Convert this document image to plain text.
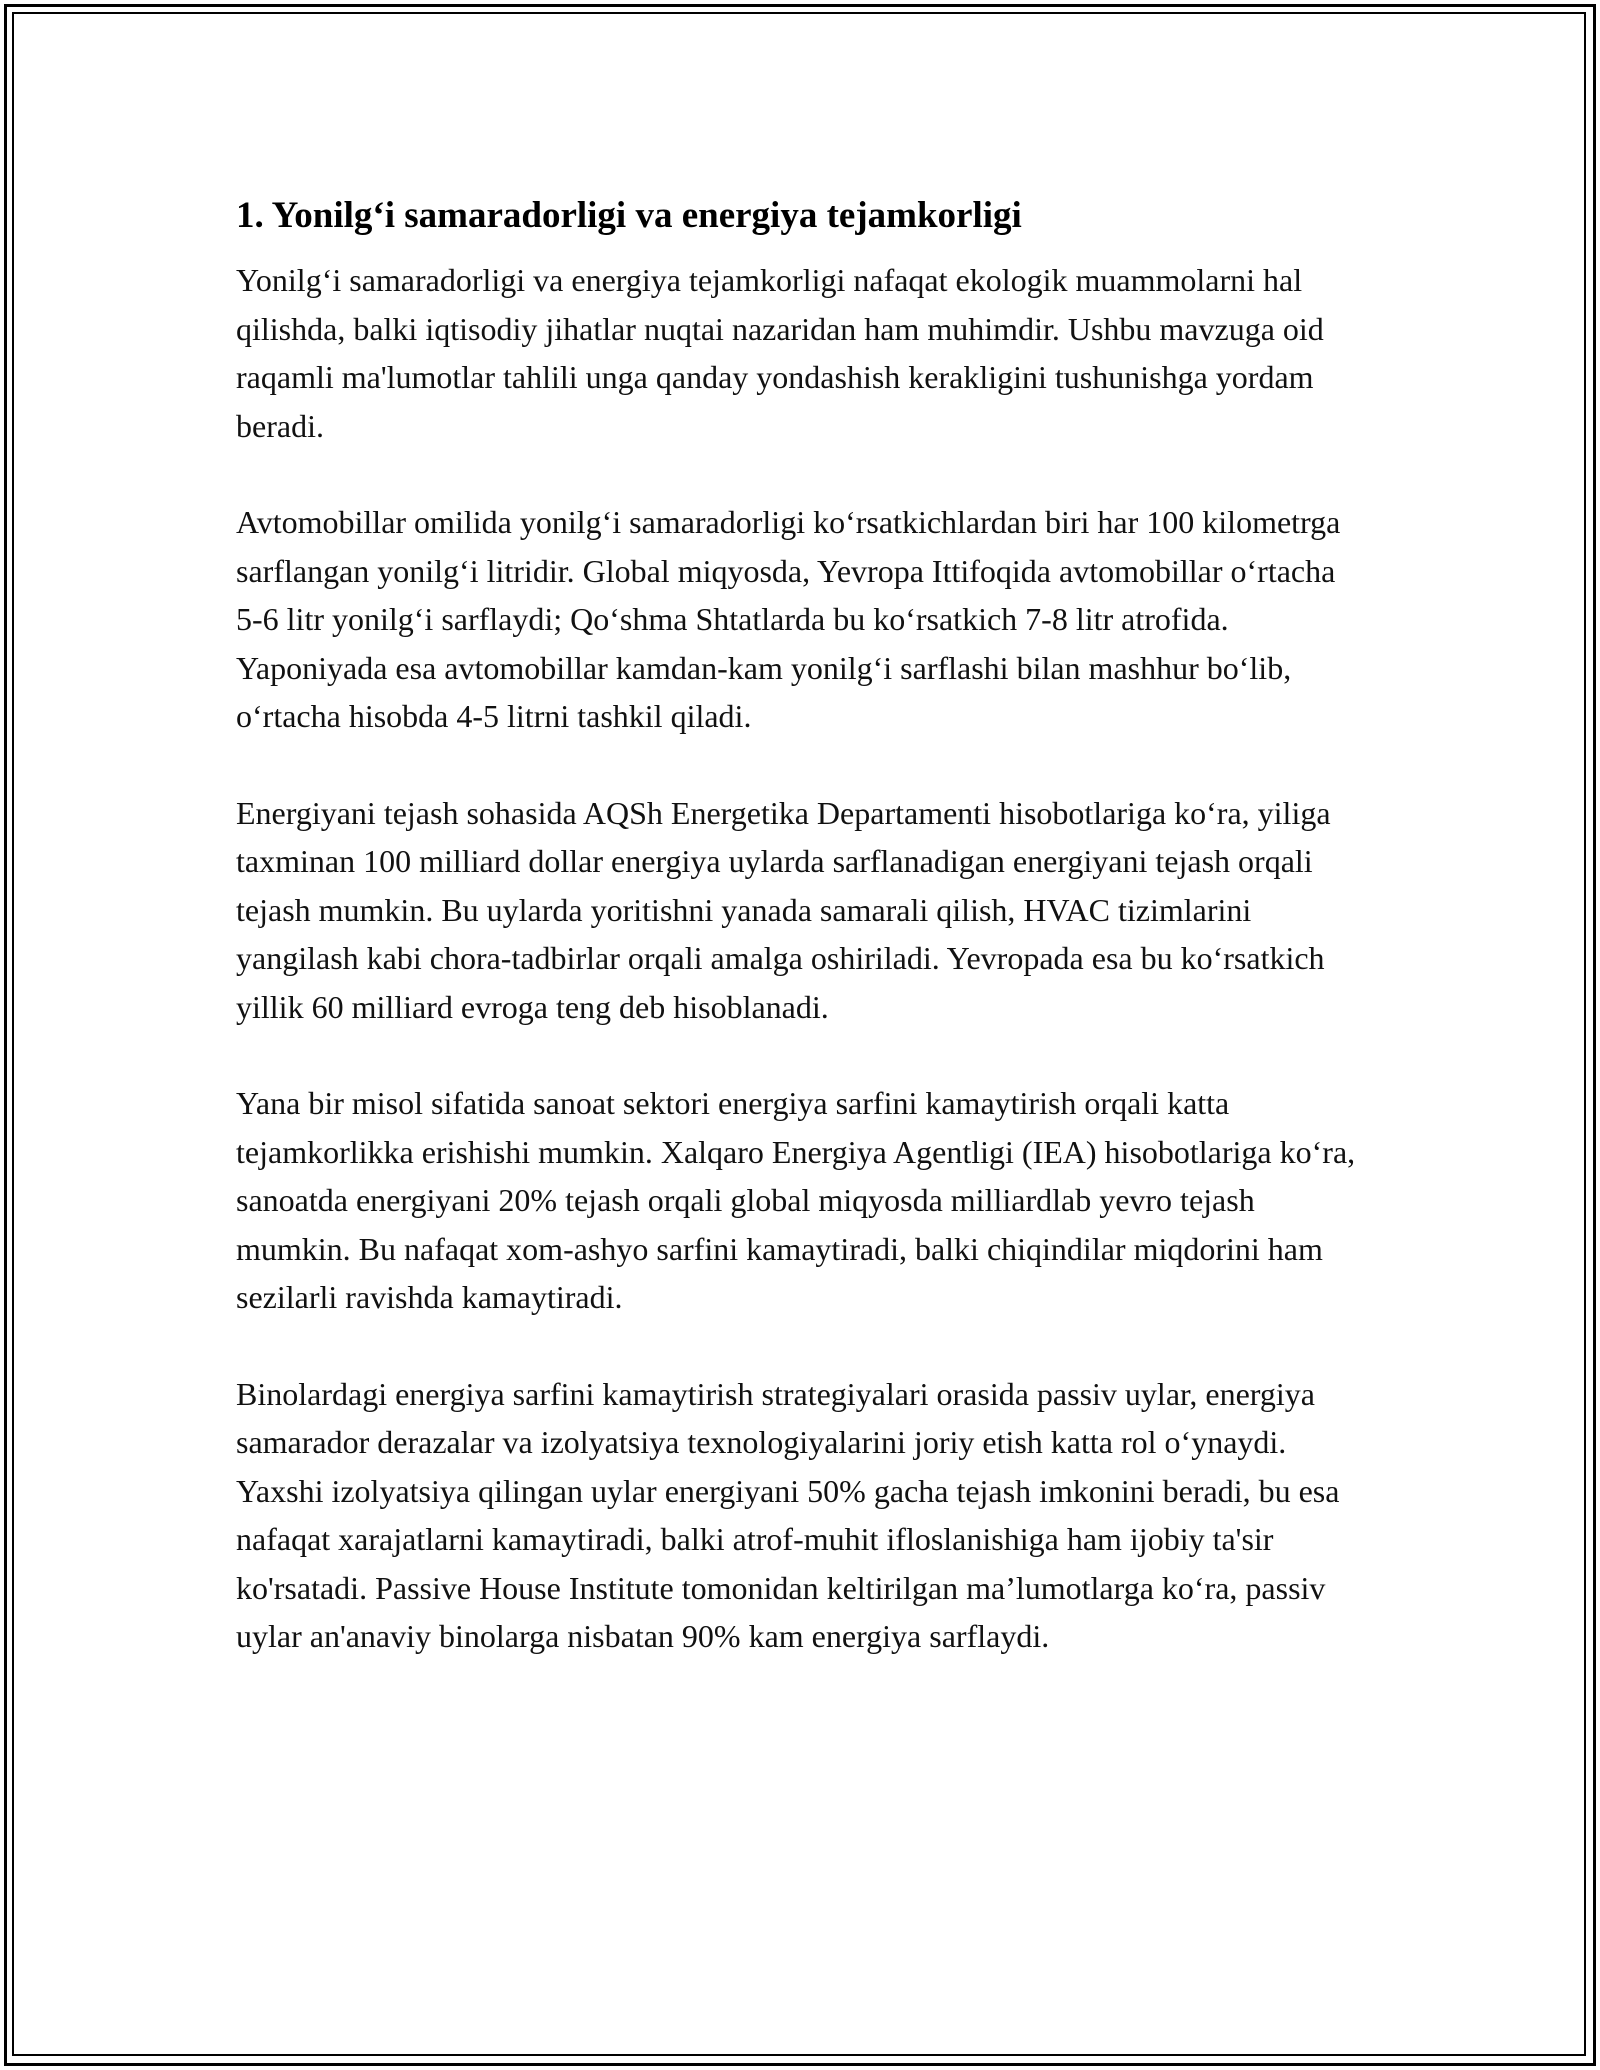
1. Yonilg‘i samaradorligi va energiya tejamkorligi

Yonilg‘i samaradorligi va energiya tejamkorligi nafaqat ekologik muammolarni hal qilishda, balki iqtisodiy jihatlar nuqtai nazaridan ham muhimdir. Ushbu mavzuga oid raqamli ma'lumotlar tahlili unga qanday yondashish kerakligini tushunishga yordam beradi.

Avtomobillar omilida yonilg‘i samaradorligi ko‘rsatkichlardan biri har 100 kilometrga sarflangan yonilg‘i litridir. Global miqyosda, Yevropa Ittifoqida avtomobillar o‘rtacha 5-6 litr yonilg‘i sarflaydi; Qo‘shma Shtatlarda bu ko‘rsatkich 7-8 litr atrofida. Yaponiyada esa avtomobillar kamdan-kam yonilg‘i sarflashi bilan mashhur bo‘lib, o‘rtacha hisobda 4-5 litrni tashkil qiladi.

Energiyani tejash sohasida AQSh Energetika Departamenti hisobotlariga ko‘ra, yiliga taxminan 100 milliard dollar energiya uylarda sarflanadigan energiyani tejash orqali tejash mumkin. Bu uylarda yoritishni yanada samarali qilish, HVAC tizimlarini yangilash kabi chora-tadbirlar orqali amalga oshiriladi. Yevropada esa bu ko‘rsatkich yillik 60 milliard evroga teng deb hisoblanadi.

Yana bir misol sifatida sanoat sektori energiya sarfini kamaytirish orqali katta tejamkorlikka erishishi mumkin. Xalqaro Energiya Agentligi (IEA) hisobotlariga ko‘ra, sanoatda energiyani 20% tejash orqali global miqyosda milliardlab yevro tejash mumkin. Bu nafaqat xom-ashyo sarfini kamaytiradi, balki chiqindilar miqdorini ham sezilarli ravishda kamaytiradi.

Binolardagi energiya sarfini kamaytirish strategiyalari orasida passiv uylar, energiya samarador derazalar va izolyatsiya texnologiyalarini joriy etish katta rol o‘ynaydi. Yaxshi izolyatsiya qilingan uylar energiyani 50% gacha tejash imkonini beradi, bu esa nafaqat xarajatlarni kamaytiradi, balki atrof-muhit ifloslanishiga ham ijobiy ta'sir ko'rsatadi. Passive House Institute tomonidan keltirilgan ma’lumotlarga ko‘ra, passiv uylar an'anaviy binolarga nisbatan 90% kam energiya sarflaydi.
